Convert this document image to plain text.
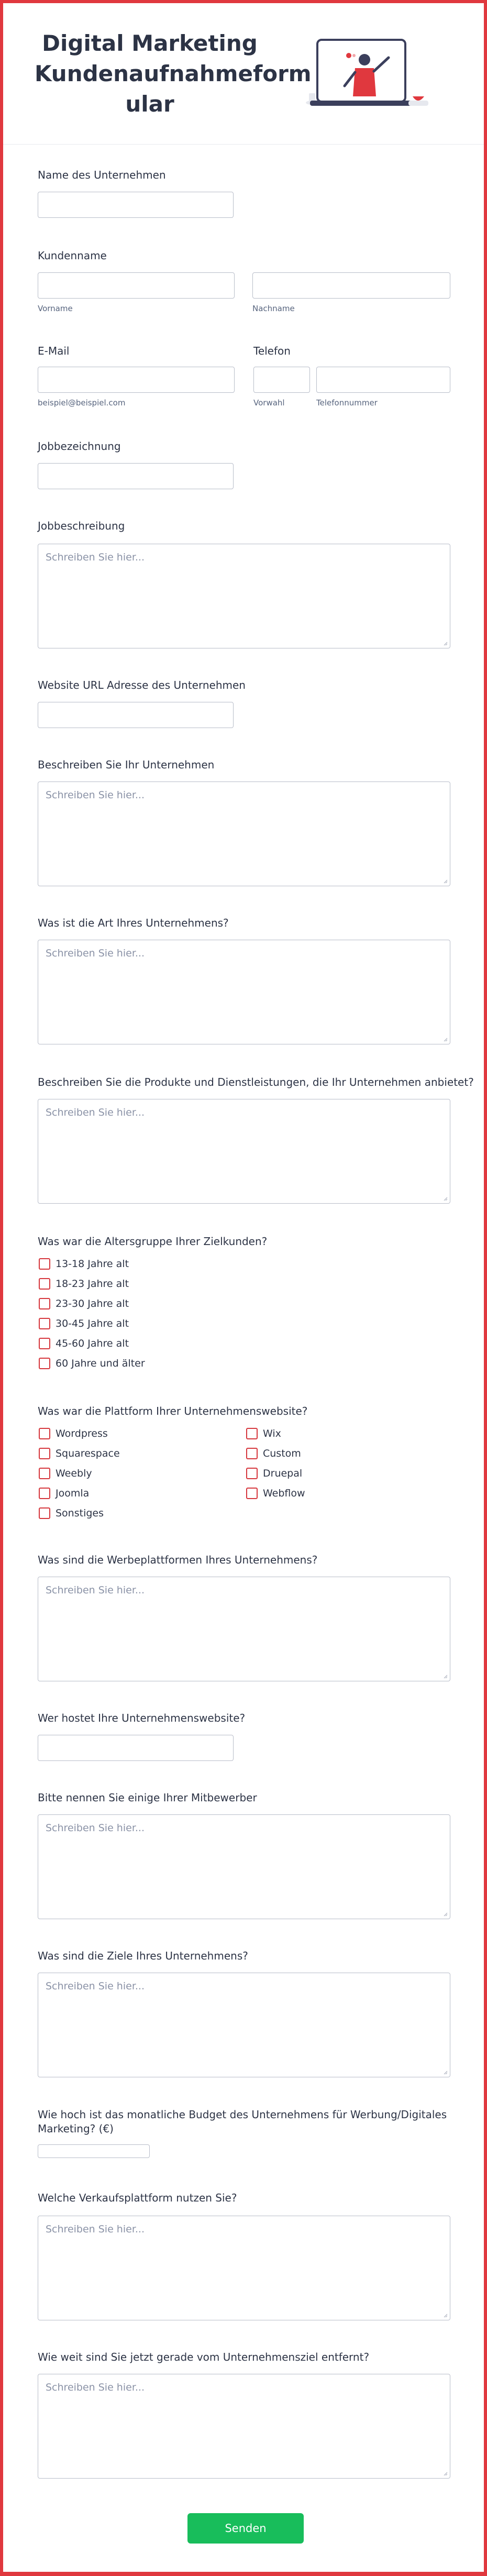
Digital Marketing Kundenaufnahmeform ular
Name des Unternehmen
Kundenname
Vorname	Nachname
E-Mail	Telefon
beispiel@beispiel.com	Vorwahl	Telefonnummer
Jobbezeichnung
Jobbeschreibung
Schreiben Sie hier...
Website URL Adresse des Unternehmen
Beschreiben Sie Ihr Unternehmen
Schreiben Sie hier...
Was ist die Art Ihres Unternehmens?
Schreiben Sie hier...
Beschreiben Sie die Produkte und Dienstleistungen, die Ihr Unternehmen anbietet?
Schreiben Sie hier...
Was war die Altersgruppe Ihrer Zielkunden?
13-18 Jahre alt
18-23 Jahre alt
23-30 Jahre alt
30-45 Jahre alt
45-60 Jahre alt
60 Jahre und älter
Was war die Plattform Ihrer Unternehmenswebsite?
Wordpress
Squarespace
Weebly
Joomla
Sonstiges
Wix
Custom
Druepal
Webflow
Was sind die Werbeplattformen Ihres Unternehmens?
Schreiben Sie hier...
Wer hostet Ihre Unternehmenswebsite?
Bitte nennen Sie einige Ihrer Mitbewerber
Schreiben Sie hier...
Was sind die Ziele Ihres Unternehmens?
Schreiben Sie hier...
Wie hoch ist das monatliche Budget des Unternehmens für Werbung/Digitales Marketing? (€)
Welche Verkaufsplattform nutzen Sie?
Schreiben Sie hier...
Wie weit sind Sie jetzt gerade vom Unternehmensziel entfernt?
Schreiben Sie hier...
Senden
